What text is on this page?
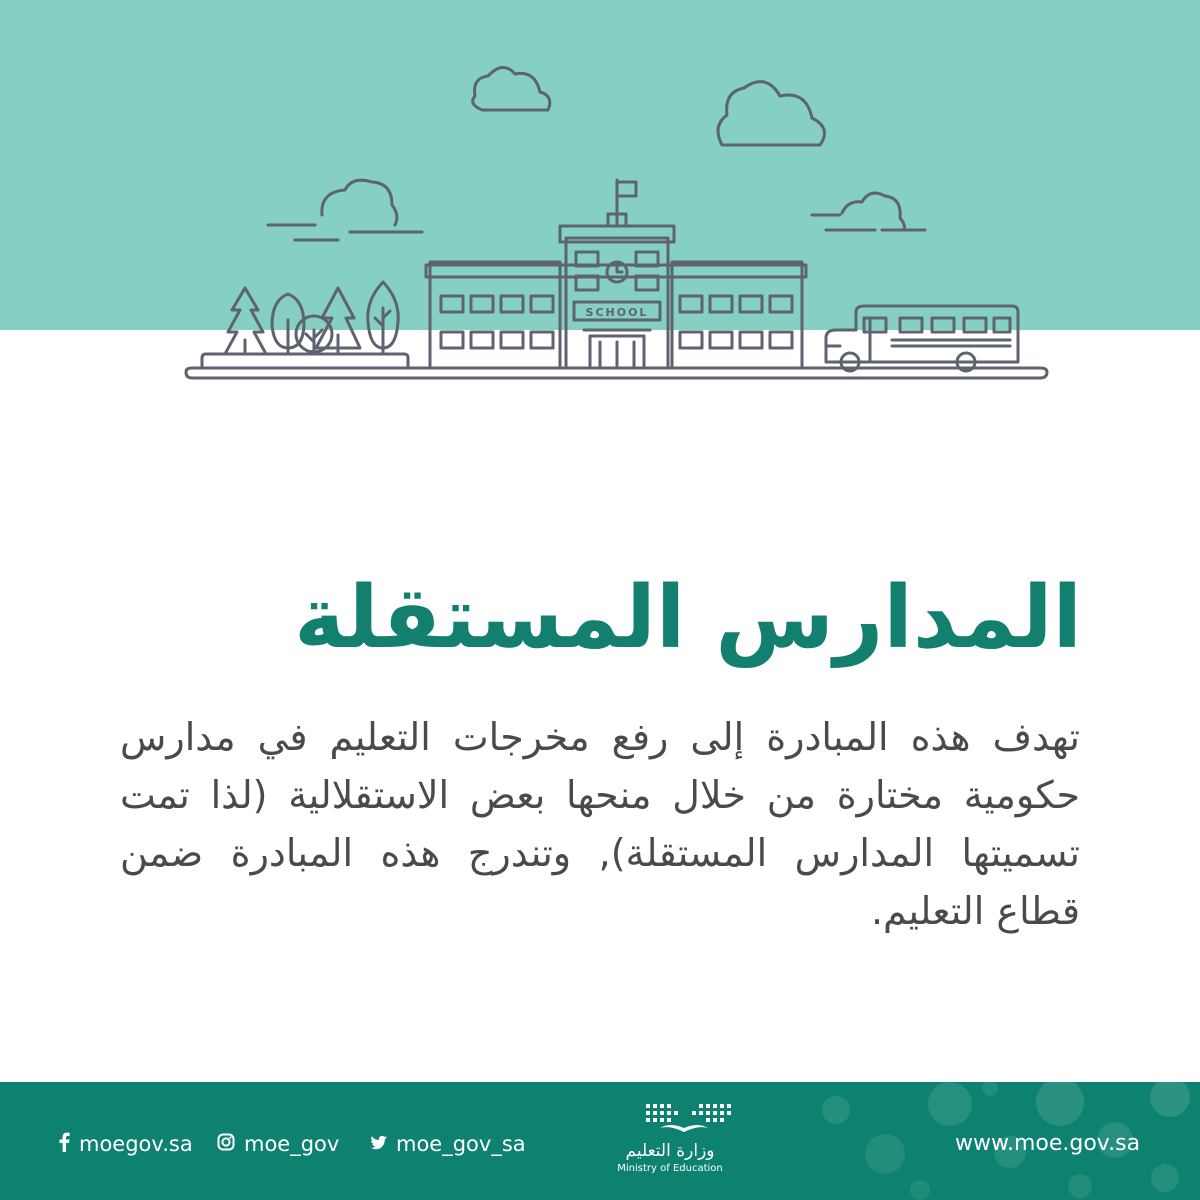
SCHOOL
المدارس المستقلة

تهدف هذه المبادرة إلى رفع مخرجات التعليم في مدارس حكومية مختارة من خلال منحها بعض الاستقلالية (لذا تمت تسميتها المدارس المستقلة), وتندرج هذه المبادرة ضمن قطاع التعليم.

moegov.sa moe_gov	moe_gov_sa	وزارة التعليم
Ministry of Education
www.moe.gov.sa
